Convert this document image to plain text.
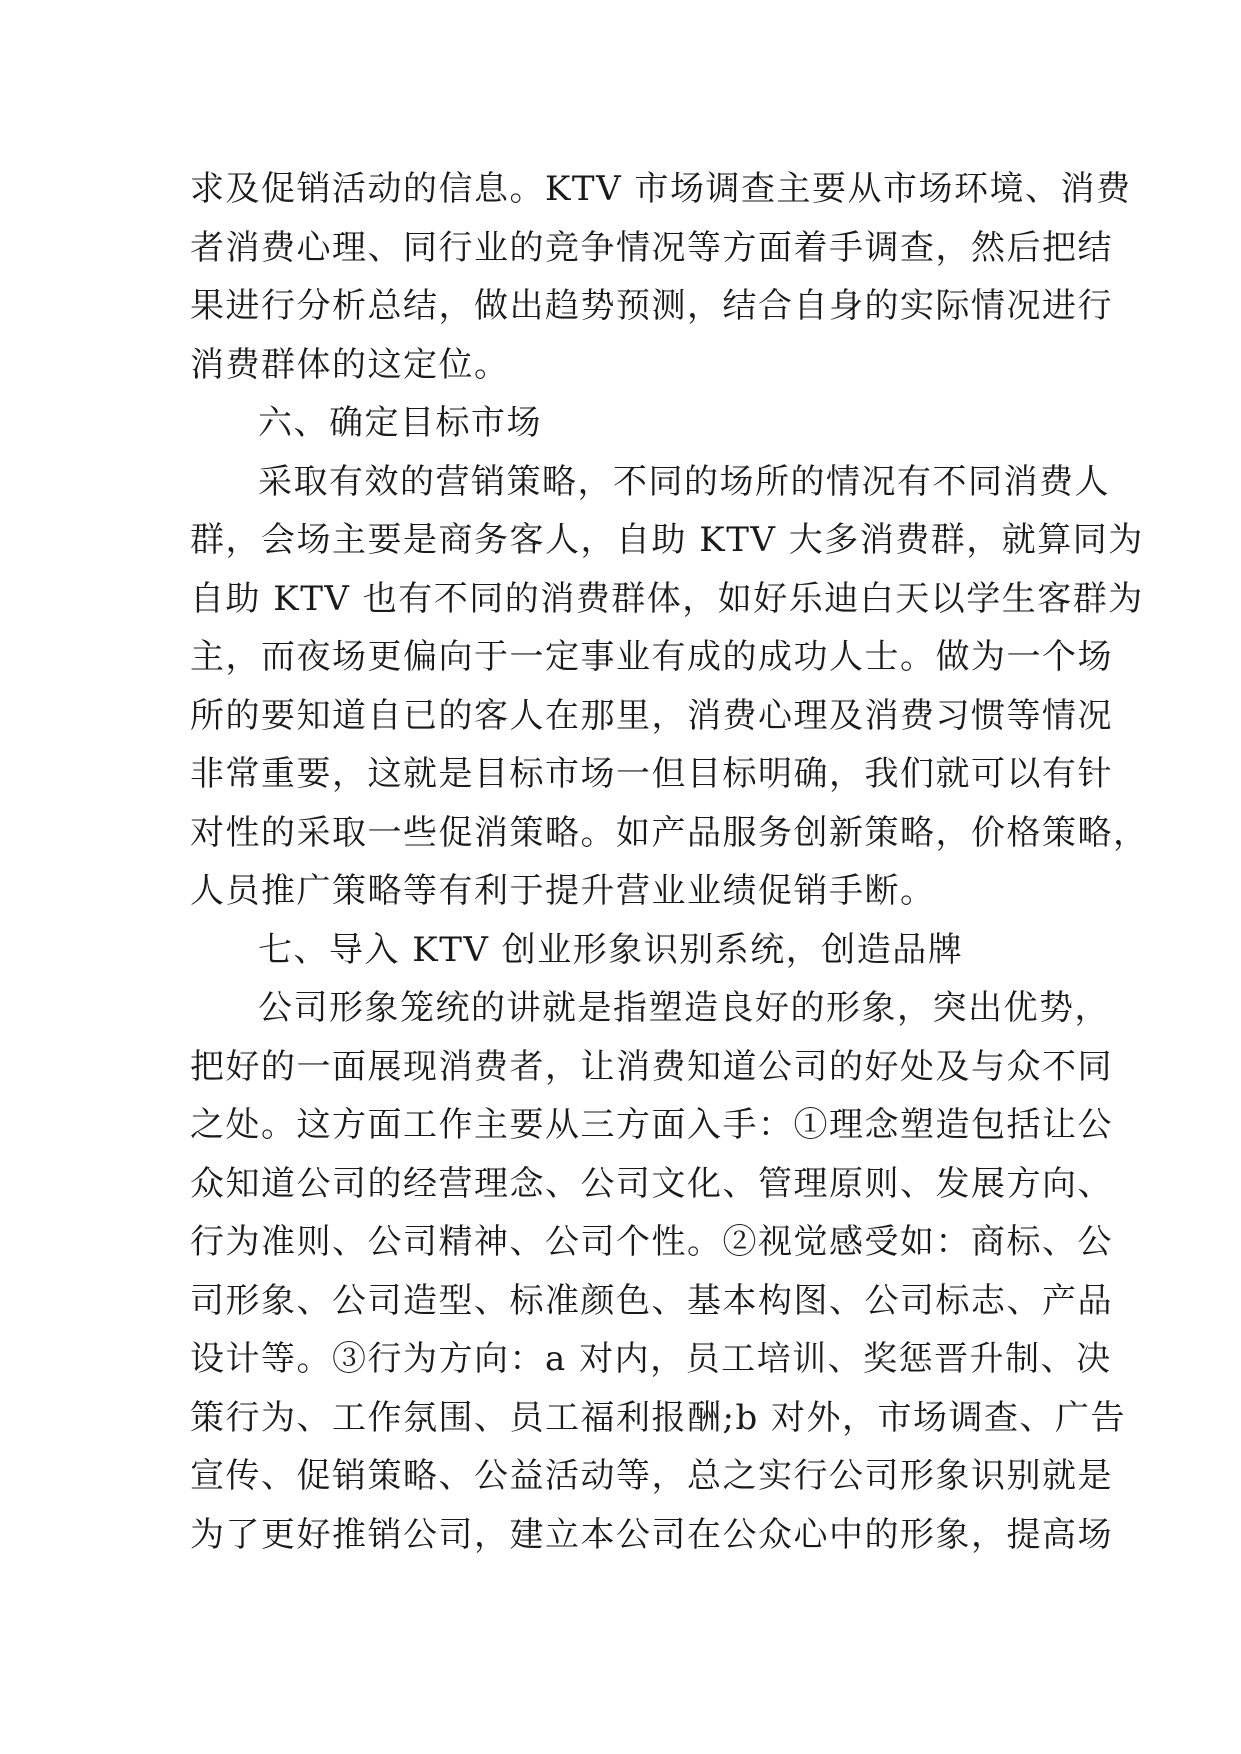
求及促销活动的信息。KTV 市场调查主要从市场环境、消费
者消费心理、同行业的竞争情况等方面着手调查，然后把结
果进行分析总结，做出趋势预测，结合自身的实际情况进行
消费群体的这定位。
六、确定目标市场
采取有效的营销策略，不同的场所的情况有不同消费人
群，会场主要是商务客人，自助 KTV 大多消费群，就算同为
自助 KTV 也有不同的消费群体，如好乐迪白天以学生客群为
主，而夜场更偏向于一定事业有成的成功人士。做为一个场
所的要知道自已的客人在那里，消费心理及消费习惯等情况
非常重要，这就是目标市场一但目标明确，我们就可以有针
对性的采取一些促消策略。如产品服务创新策略，价格策略，
人员推广策略等有利于提升营业业绩促销手断。
七、导入 KTV 创业形象识别系统，创造品牌
公司形象笼统的讲就是指塑造良好的形象，突出优势，
把好的一面展现消费者，让消费知道公司的好处及与众不同
之处。这方面工作主要从三方面入手：①理念塑造包括让公
众知道公司的经营理念、公司文化、管理原则、发展方向、
行为准则、公司精神、公司个性。②视觉感受如：商标、公
司形象、公司造型、标准颜色、基本构图、公司标志、产品
设计等。③行为方向：a 对内，员工培训、奖惩晋升制、决
策行为、工作氛围、员工福利报酬;b 对外，市场调查、广告
宣传、促销策略、公益活动等，总之实行公司形象识别就是
为了更好推销公司，建立本公司在公众心中的形象，提高场
